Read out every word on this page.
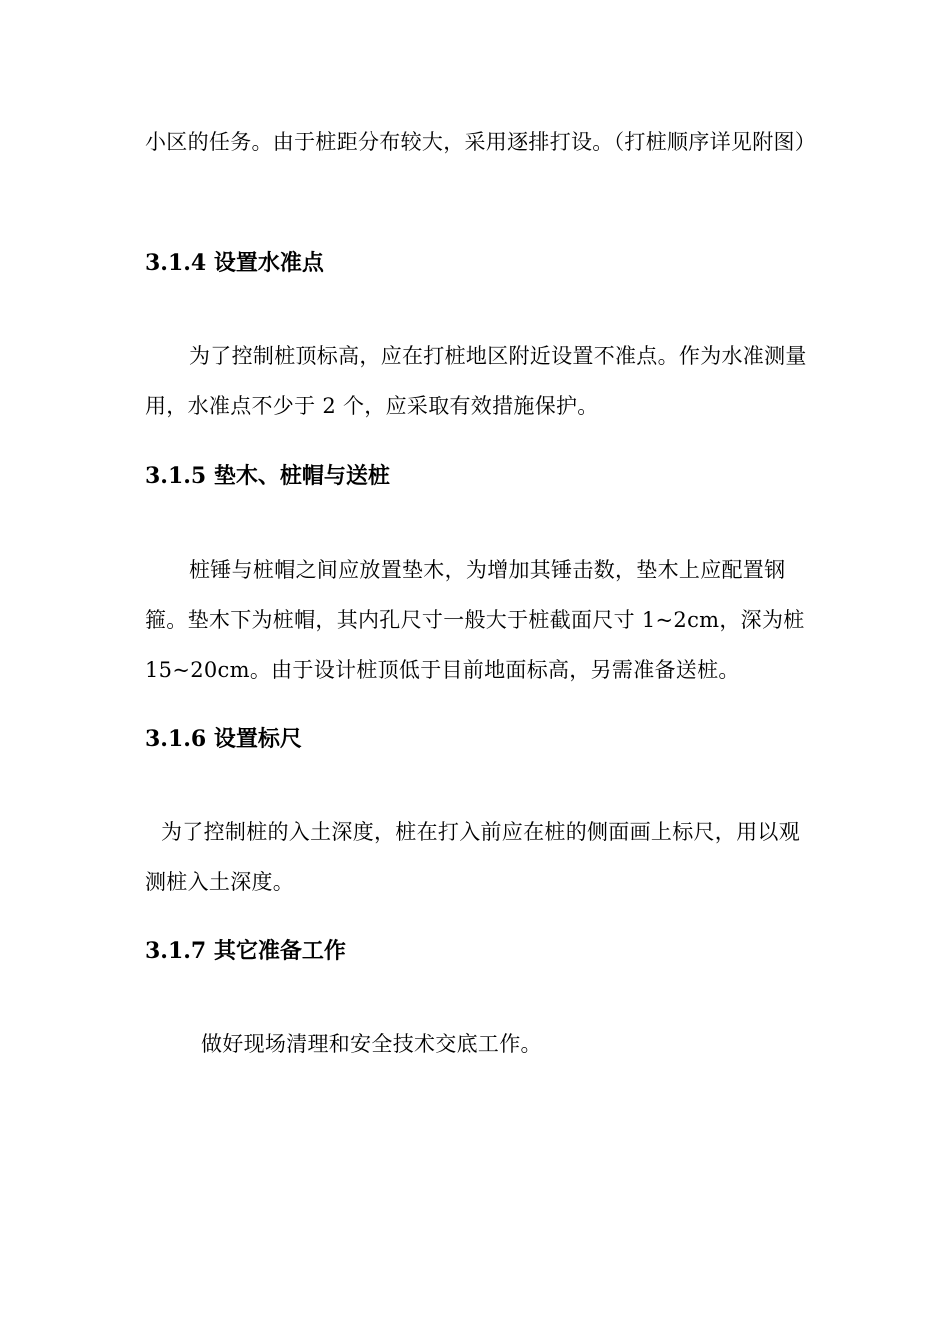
小区的任务。由于桩距分布较大，采用逐排打设。（打桩顺序详见附图）

3.1.4 设置水准点

为了控制桩顶标高，应在打桩地区附近设置不准点。作为水准测量用，水准点不少于 2 个，应采取有效措施保护。

3.1.5 垫木、桩帽与送桩

桩锤与桩帽之间应放置垫木，为增加其锤击数，垫木上应配置钢箍。垫木下为桩帽，其内孔尺寸一般大于桩截面尺寸 1~2cm，深为桩 15~20cm。由于设计桩顶低于目前地面标高，另需准备送桩。

3.1.6 设置标尺

为了控制桩的入土深度，桩在打入前应在桩的侧面画上标尺，用以观测桩入土深度。

3.1.7 其它准备工作

做好现场清理和安全技术交底工作。
